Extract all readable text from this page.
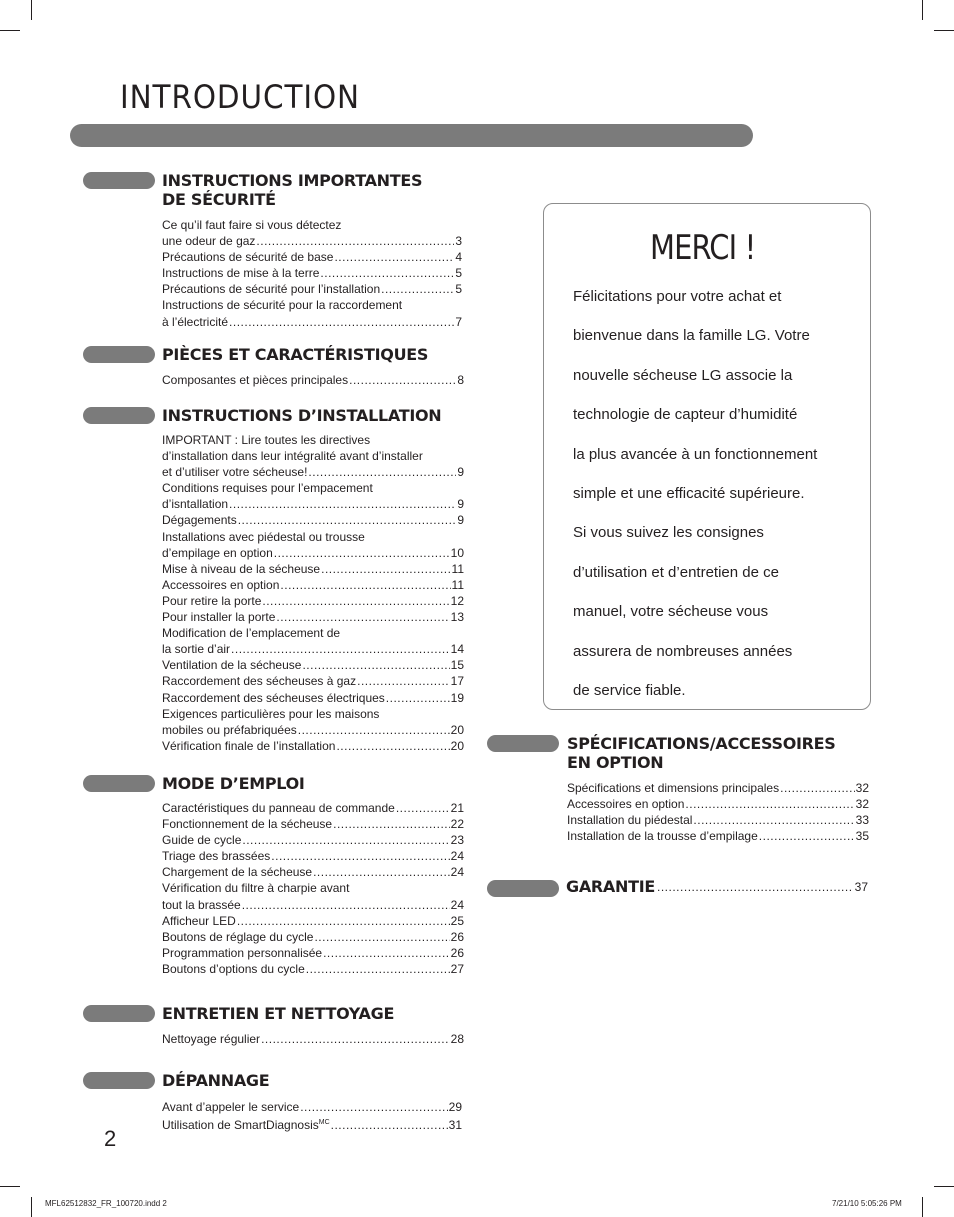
INTRODUCTION
INSTRUCTIONS IMPORTANTES
DE SÉCURITÉ
Ce qu’il faut faire si vous détectez
une odeur de gaz .....	3
Précautions de sécurité de base .....	4
Instructions de mise à la terre .....	5
Précautions de sécurité pour l’installation .....	5
Instructions de sécurité pour la raccordement
à l’électricité .....	7
PIÈCES ET CARACTÉRISTIQUES
Composantes et pièces principales .....	8
INSTRUCTIONS D’INSTALLATION
IMPORTANT : Lire toutes les directives
d’installation dans leur intégralité avant d’installer
et d’utiliser votre sécheuse! .....	9
Conditions requises pour l’empacement
d’isntallation .....	9
Dégagements .....	9
Installations avec piédestal ou trousse
d’empilage en option .....	10
Mise à niveau de la sécheuse .....	11
Accessoires en option .....	11
Pour retire la porte .....	12
Pour installer la porte .....	13
Modification de l’emplacement de
la sortie d’air .....	14
Ventilation de la sécheuse .....	15
Raccordement des sécheuses à gaz .....	17
Raccordement des sécheuses électriques .....	19
Exigences particulières pour les maisons
mobiles ou préfabriquées .....	20
Vérification finale de l’installation .....	20
MODE D’EMPLOI
Caractéristiques du panneau de commande .....	21
Fonctionnement de la sécheuse .....	22
Guide de cycle .....	23
Triage des brassées .....	24
Chargement de la sécheuse .....	24
Vérification du filtre à charpie avant
tout la brassée .....	24
Afficheur LED .....	25
Boutons de réglage du cycle .....	26
Programmation personnalisée .....	26
Boutons d’options du cycle .....	27
ENTRETIEN ET NETTOYAGE
Nettoyage régulier .....	28
DÉPANNAGE
Avant d’appeler le service .....	29
Utilisation de SmartDiagnosis$^{MC}$ .....	31
MERCI !
Félicitations pour votre achat et
bienvenue dans la famille LG. Votre
nouvelle sécheuse LG associe la
technologie de capteur d’humidité
la plus avancée à un fonctionnement
simple et une efficacité supérieure.
Si vous suivez les consignes
d’utilisation et d’entretien de ce
manuel, votre sécheuse vous
assurera de nombreuses années
de service fiable.
SPÉCIFICATIONS/ACCESSOIRES
EN OPTION
Spécifications et dimensions principales .....	32
Accessoires en option .....	32
Installation du piédestal .....	33
Installation de la trousse d’empilage .....	35
GARANTIE .....	37
2
MFL62512832_FR_100720.indd 2	7/21/10 5:05:26 PM
